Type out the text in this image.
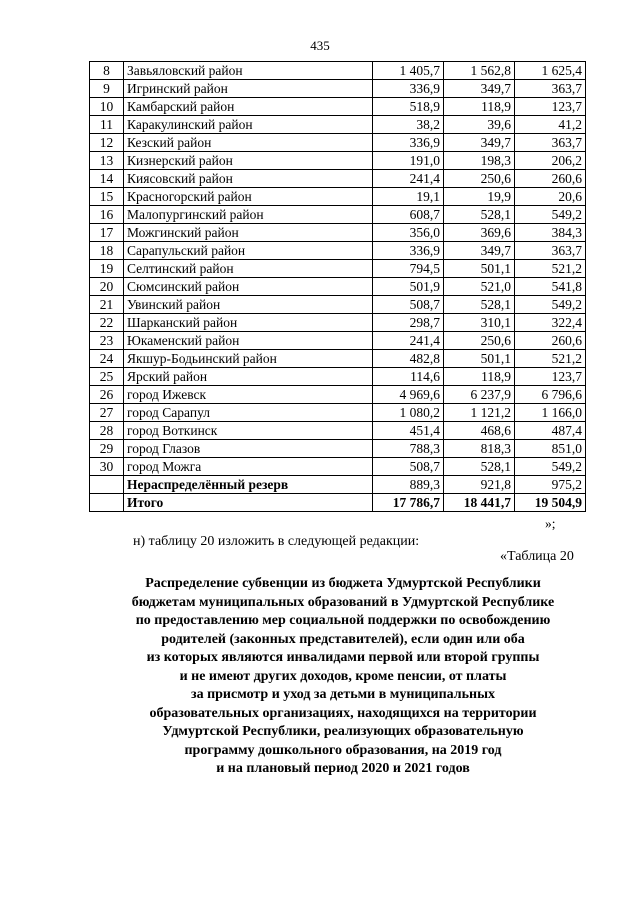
435
8	Завьяловский район	1 405,7	1 562,8	1 625,4
9	Игринский район	336,9	349,7	363,7
10	Камбарский район	518,9	118,9	123,7
11	Каракулинский район	38,2	39,6	41,2
12	Кезский район	336,9	349,7	363,7
13	Кизнерский район	191,0	198,3	206,2
14	Киясовский район	241,4	250,6	260,6
15	Красногорский район	19,1	19,9	20,6
16	Малопургинский район	608,7	528,1	549,2
17	Можгинский район	356,0	369,6	384,3
18	Сарапульский район	336,9	349,7	363,7
19	Селтинский район	794,5	501,1	521,2
20	Сюмсинский район	501,9	521,0	541,8
21	Увинский район	508,7	528,1	549,2
22	Шарканский район	298,7	310,1	322,4
23	Юкаменский район	241,4	250,6	260,6
24	Якшур-Бодьинский район	482,8	501,1	521,2
25	Ярский район	114,6	118,9	123,7
26	город Ижевск	4 969,6	6 237,9	6 796,6
27	город Сарапул	1 080,2	1 121,2	1 166,0
28	город Воткинск	451,4	468,6	487,4
29	город Глазов	788,3	818,3	851,0
30	город Можга	508,7	528,1	549,2
	Нераспределённый резерв	889,3	921,8	975,2
	Итого	17 786,7	18 441,7	19 504,9
»;
н) таблицу 20 изложить в следующей редакции:
«Таблица 20
Распределение субвенции из бюджета Удмуртской Республики
бюджетам муниципальных образований в Удмуртской Республике
по предоставлению мер социальной поддержки по освобождению
родителей (законных представителей), если один или оба
из которых являются инвалидами первой или второй группы
и не имеют других доходов, кроме пенсии, от платы
за присмотр и уход за детьми в муниципальных
образовательных организациях, находящихся на территории
Удмуртской Республики, реализующих образовательную
программу дошкольного образования, на 2019 год
и на плановый период 2020 и 2021 годов
